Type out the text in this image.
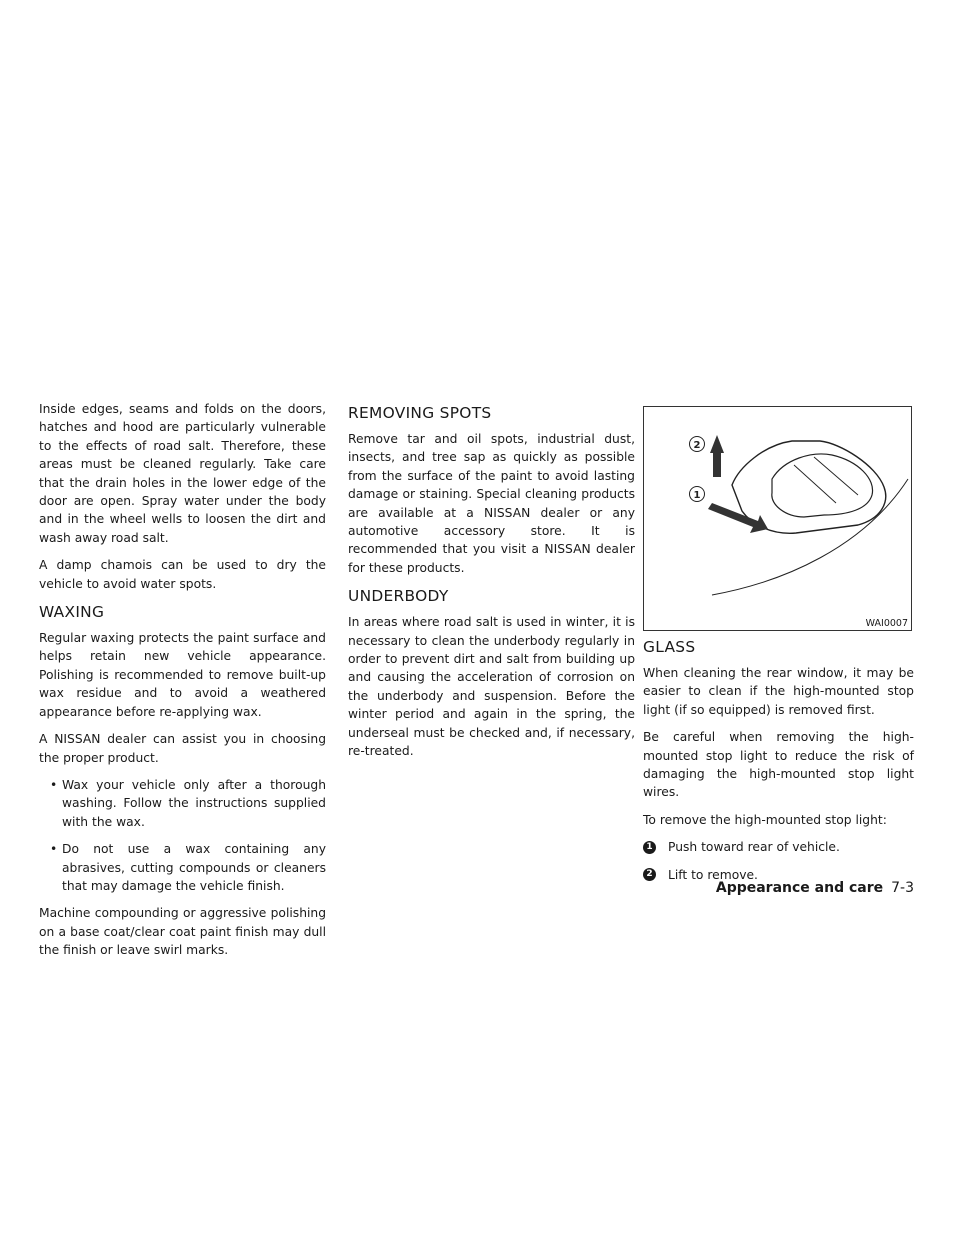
Inside edges, seams and folds on the doors, hatches and hood are particularly vulnerable to the effects of road salt. Therefore, these areas must be cleaned regularly. Take care that the drain holes in the lower edge of the door are open. Spray water under the body and in the wheel wells to loosen the dirt and wash away road salt.

A damp chamois can be used to dry the vehicle to avoid water spots.

WAXING

Regular waxing protects the paint surface and helps retain new vehicle appearance. Polishing is recommended to remove built-up wax residue and to avoid a weathered appearance before re-applying wax.

A NISSAN dealer can assist you in choosing the proper product.

• Wax your vehicle only after a thorough washing. Follow the instructions supplied with the wax.
• Do not use a wax containing any abrasives, cutting compounds or cleaners that may damage the vehicle finish.

Machine compounding or aggressive polishing on a base coat/clear coat paint finish may dull the finish or leave swirl marks.

REMOVING SPOTS

Remove tar and oil spots, industrial dust, insects, and tree sap as quickly as possible from the surface of the paint to avoid lasting damage or staining. Special cleaning products are available at a NISSAN dealer or any automotive accessory store. It is recommended that you visit a NISSAN dealer for these products.

UNDERBODY

In areas where road salt is used in winter, it is necessary to clean the underbody regularly in order to prevent dirt and salt from building up and causing the acceleration of corrosion on the underbody and suspension. Before the winter period and again in the spring, the underseal must be checked and, if necessary, re-treated.

2
1
WAI0007
GLASS

When cleaning the rear window, it may be easier to clean if the high-mounted stop light (if so equipped) is removed first.

Be careful when removing the high-mounted stop light to reduce the risk of damaging the high-mounted stop light wires.

To remove the high-mounted stop light:

1 Push toward rear of vehicle.
2 Lift to remove.
Appearance and care 7-3
